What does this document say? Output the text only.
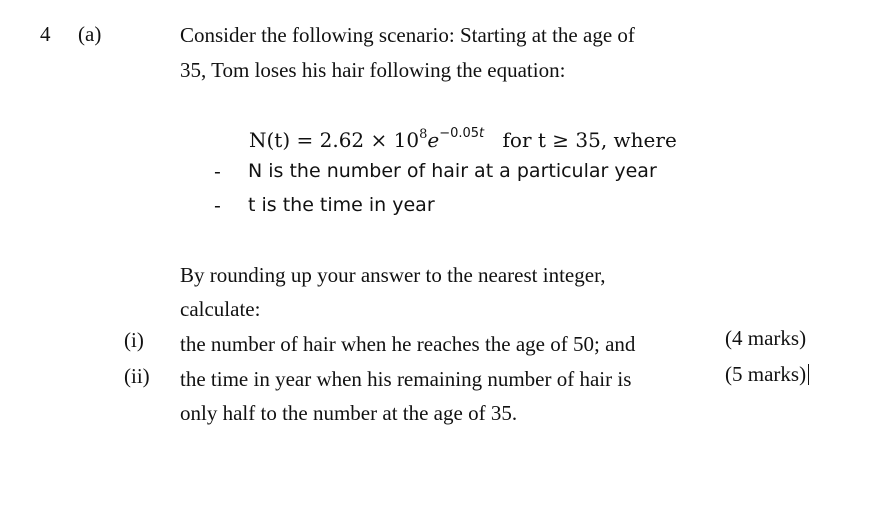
4 (a)	Consider the following scenario: Starting at the age of
35, Tom loses his hair following the equation:
$N(t) = 2.62 \times 10^8e^{-0.05t}$ for t ≥ 35, where
- N is the number of hair at a particular year
- t is the time in year
By rounding up your answer to the nearest integer,
calculate:
(i) the number of hair when he reaches the age of 50; and	(4 marks)
(ii) the time in year when his remaining number of hair is
only half to the number at the age of 35.
(5 marks)
